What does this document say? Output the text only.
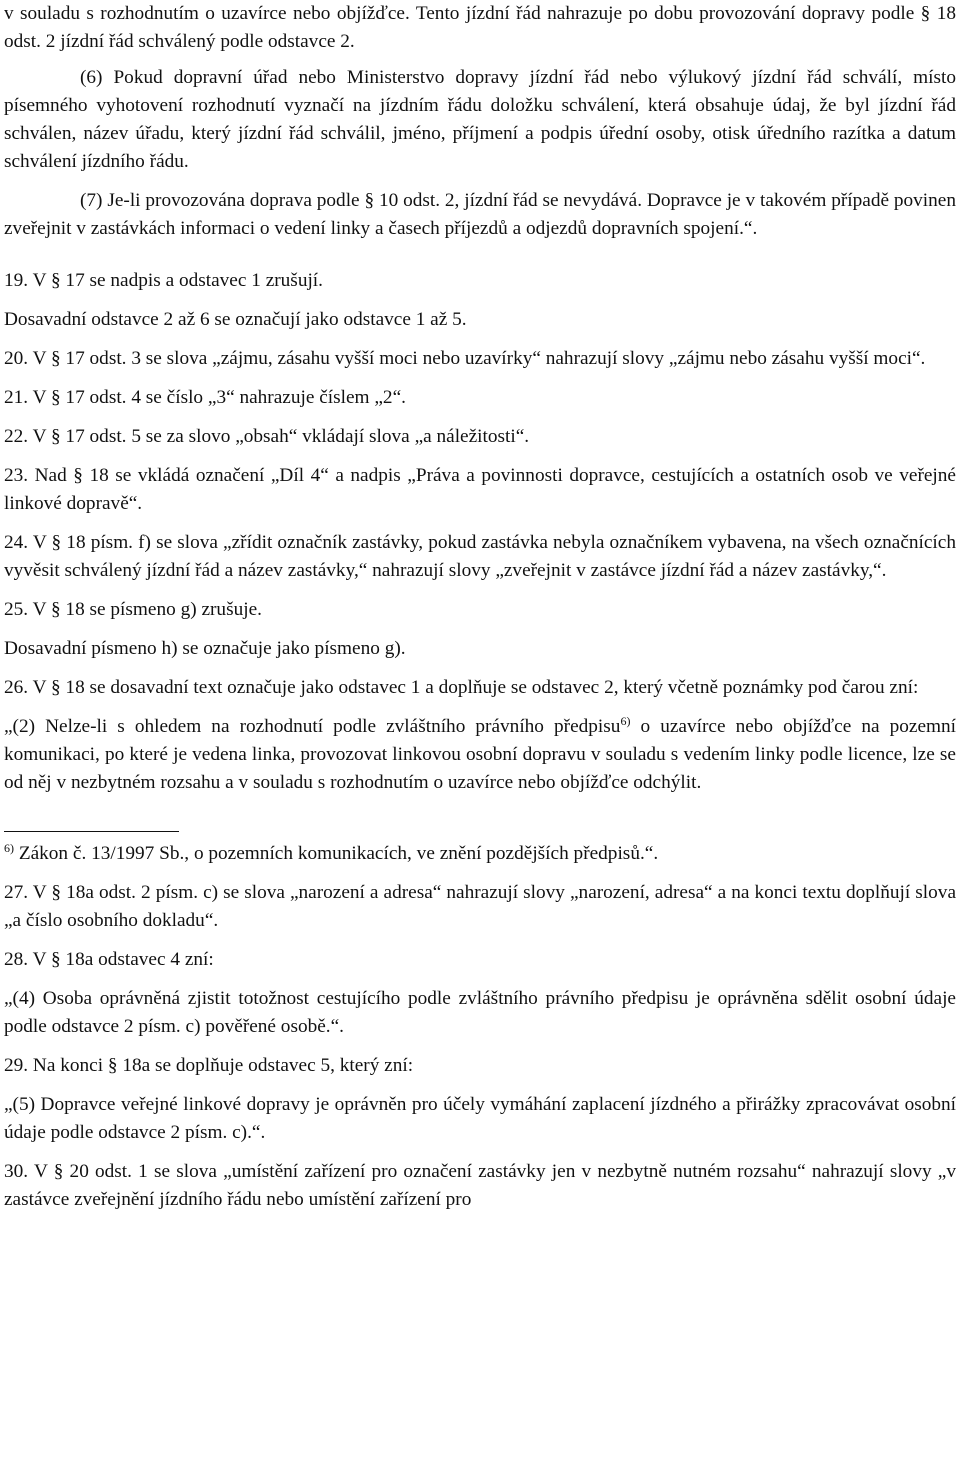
v souladu s rozhodnutím o uzavírce nebo objížďce. Tento jízdní řád nahrazuje po dobu provozování dopravy podle § 18 odst. 2 jízdní řád schválený podle odstavce 2.

(6) Pokud dopravní úřad nebo Ministerstvo dopravy jízdní řád nebo výlukový jízdní řád schválí, místo písemného vyhotovení rozhodnutí vyznačí na jízdním řádu doložku schválení, která obsahuje údaj, že byl jízdní řád schválen, název úřadu, který jízdní řád schválil, jméno, příjmení a podpis úřední osoby, otisk úředního razítka a datum schválení jízdního řádu.

(7) Je-li provozována doprava podle § 10 odst. 2, jízdní řád se nevydává. Dopravce je v takovém případě povinen zveřejnit v zastávkách informaci o vedení linky a časech příjezdů a odjezdů dopravních spojení.“.

19. V § 17 se nadpis a odstavec 1 zrušují.

Dosavadní odstavce 2 až 6 se označují jako odstavce 1 až 5.

20. V § 17 odst. 3 se slova „zájmu, zásahu vyšší moci nebo uzavírky“ nahrazují slovy „zájmu nebo zásahu vyšší moci“.

21. V § 17 odst. 4 se číslo „3“ nahrazuje číslem „2“.

22. V § 17 odst. 5 se za slovo „obsah“ vkládají slova „a náležitosti“.

23. Nad § 18 se vkládá označení „Díl 4“ a nadpis „Práva a povinnosti dopravce, cestujících a ostatních osob ve veřejné linkové dopravě“.

24. V § 18 písm. f) se slova „zřídit označník zastávky, pokud zastávka nebyla označníkem vybavena, na všech označnících vyvěsit schválený jízdní řád a název zastávky,“ nahrazují slovy „zveřejnit v zastávce jízdní řád a název zastávky,“.

25. V § 18 se písmeno g) zrušuje.

Dosavadní písmeno h) se označuje jako písmeno g).

26. V § 18 se dosavadní text označuje jako odstavec 1 a doplňuje se odstavec 2, který včetně poznámky pod čarou zní:

„(2) Nelze-li s ohledem na rozhodnutí podle zvláštního právního předpisu$^{6)}$ o uzavírce nebo objížďce na pozemní komunikaci, po které je vedena linka, provozovat linkovou osobní dopravu v souladu s vedením linky podle licence, lze se od něj v nezbytném rozsahu a v souladu s rozhodnutím o uzavírce nebo objížďce odchýlit.

$^{6)}$ Zákon č. 13/1997 Sb., o pozemních komunikacích, ve znění pozdějších předpisů.“.

27. V § 18a odst. 2 písm. c) se slova „narození a adresa“ nahrazují slovy „narození, adresa“ a na konci textu doplňují slova „a číslo osobního dokladu“.

28. V § 18a odstavec 4 zní:

„(4) Osoba oprávněná zjistit totožnost cestujícího podle zvláštního právního předpisu je oprávněna sdělit osobní údaje podle odstavce 2 písm. c) pověřené osobě.“.

29. Na konci § 18a se doplňuje odstavec 5, který zní:

„(5) Dopravce veřejné linkové dopravy je oprávněn pro účely vymáhání zaplacení jízdného a přirážky zpracovávat osobní údaje podle odstavce 2 písm. c).“.

30. V § 20 odst. 1 se slova „umístění zařízení pro označení zastávky jen v nezbytně nutném rozsahu“ nahrazují slovy „v zastávce zveřejnění jízdního řádu nebo umístění zařízení pro
